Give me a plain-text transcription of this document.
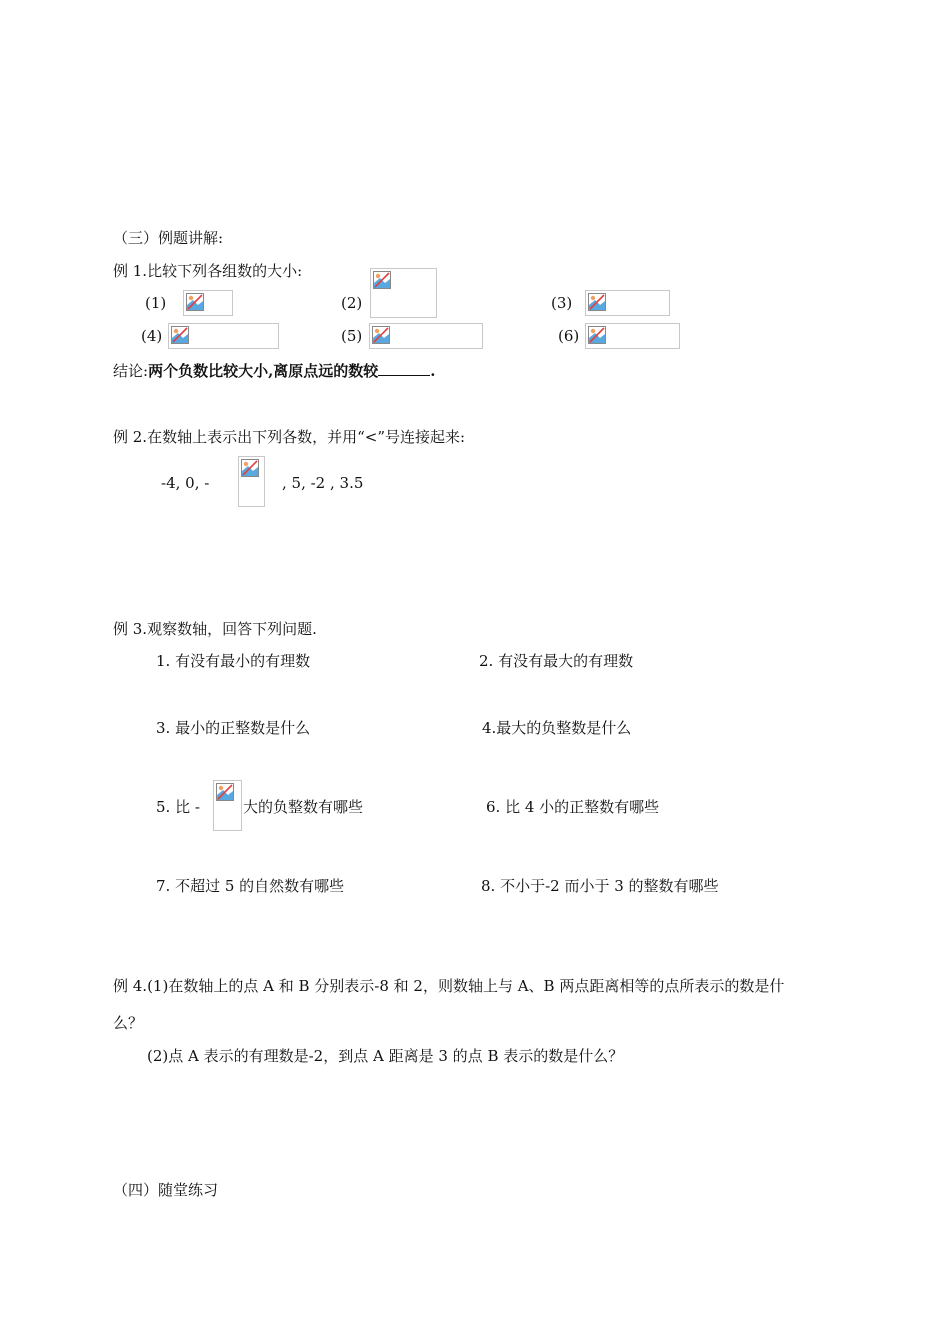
（三）例题讲解:
例 1.比较下列各组数的大小:
(1)	(2)	(3)
(4)	(5)	(6)
结论:两个负数比较大小,离原点远的数较	.
例 2.在数轴上表示出下列各数，并用“<”号连接起来:
-4, 0, -	, 5, -2 , 3.5
例 3.观察数轴，回答下列问题.
1. 有没有最小的有理数	2. 有没有最大的有理数
3. 最小的正整数是什么	4.最大的负整数是什么
5. 比 -	大的负整数有哪些	6. 比 4 小的正整数有哪些
7. 不超过 5 的自然数有哪些	8. 不小于-2 而小于 3 的整数有哪些
例 4.(1)在数轴上的点 A 和 B 分别表示-8 和 2，则数轴上与 A、B 两点距离相等的点所表示的数是什
么？
(2)点 A 表示的有理数是-2，到点 A 距离是 3 的点 B 表示的数是什么？
（四）随堂练习
